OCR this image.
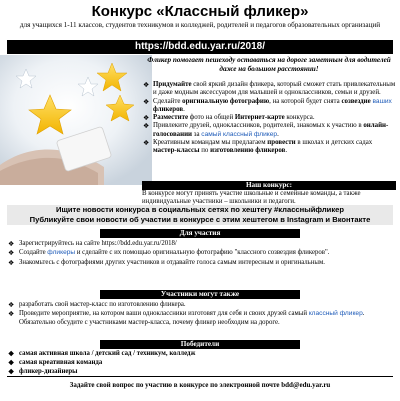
Конкурс «Классный фликер»
для учащихся 1-11 классов, студентов техникумов и колледжей, родителей и педагогов образовательных организаций
https://bdd.edu.yar.ru/2018/
Фликер помогает пешеходу оставаться на дороге заметным для водителей даже на большом расстоянии!
❖ Придумайте свой яркий дизайн фликера, который сможет стать привлекательным и даже модным аксессуаром для малышей и одноклассников, семьи и друзей.
❖ Сделайте оригинальную фотографию, на которой будет снята созвездие ваших фликеров.
❖ Разместите фото на общей Интернет-карте конкурса.
❖ Привлеките друзей, одноклассников, родителей, знакомых к участию в онлайн-голосовании за самый классный фликер.
❖ Креативным командам мы предлагаем провести в школах и детских садах мастер-классы по изготовлению фликеров.
Наш конкурс:
В конкурсе могут принять участие школьные и семейные команды, а также индивидуальные участники – школьники и педагоги.
Ищите новости конкурса в социальных сетях по хештегу #классныйфликер
Публикуйте свои новости об участии в конкурсе с этим хештегом в Instagram и Вконтакте
Для участия
❖ Зарегистрируйтесь на сайте https://bdd.edu.yar.ru/2018/
❖ Создайте фликеры и сделайте с их помощью оригинальную фотографию "классного созвездия фликеров".
❖ Знакомьтесь с фотографиями других участников и отдавайте голоса самым интересным и оригинальным.
Участники могут также
❖ разработать свой мастер-класс по изготовлению фликера.
❖ Проведите мероприятие, на котором ваши одноклассники изготовят для себя и своих друзей самый классный фликер. Обязательно обсудите с участниками мастер-класса, почему фликер необходим на дороге.
Победители
❖ самая активная школа / детский сад / техникум, колледж
❖ самая креативная команда
❖ фликер-дизайнеры
Задайте свой вопрос по участию в конкурсе по электронной почте bdd@edu.yar.ru
